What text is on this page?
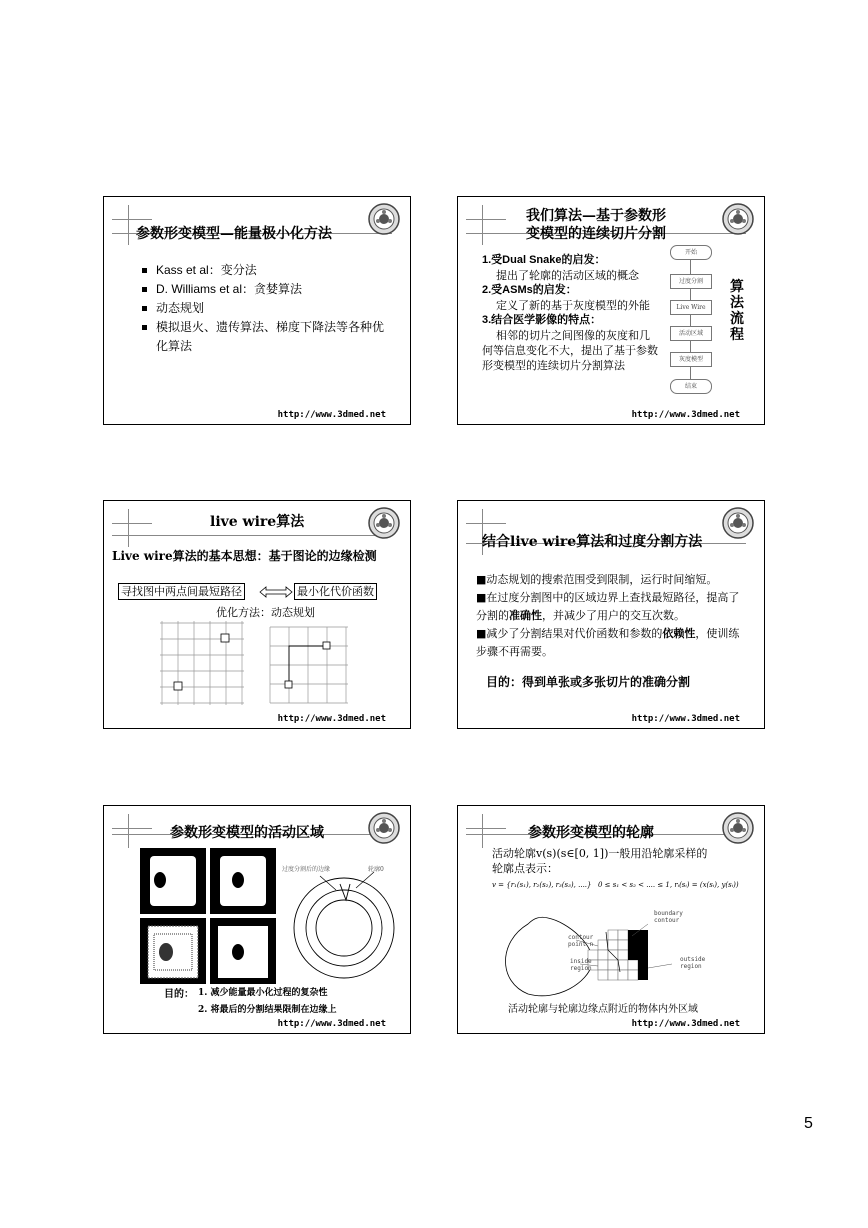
参数形变模型—能量极小化方法
Kass et al：变分法
D. Williams et al：贪婪算法
动态规划
模拟退火、遗传算法、梯度下降法等各种优化算法
http://www.3dmed.net
我们算法—基于参数形
变模型的连续切片分割
1.受Dual Snake的启发：
提出了轮廓的活动区域的概念
2.受ASMs的启发：
定义了新的基于灰度模型的外能
3.结合医学影像的特点：
相邻的切片之间图像的灰度和几何等信息变化不大，提出了基于参数形变模型的连续切片分割算法
开始
过度分割
Live Wire
活动区域
灰度模型
结束
算法流程
http://www.3dmed.net
live wire算法
Live wire算法的基本思想：基于图论的边缘检测
寻找图中两点间最短路径	最小化代价函数
优化方法：动态规划
http://www.3dmed.net
结合live wire算法和过度分割方法
■动态规划的搜索范围受到限制，运行时间缩短。
■在过度分割图中的区域边界上查找最短路径，提高了分割的准确性，并减少了用户的交互次数。
■减少了分割结果对代价函数和参数的依赖性，使训练步骤不再需要。
目的：得到单张或多张切片的准确分割
http://www.3dmed.net
参数形变模型的活动区域
过度分割后的边缘	轮廓0
目的： 1. 减少能量最小化过程的复杂性
2. 将最后的分割结果限制在边缘上
http://www.3dmed.net
参数形变模型的轮廓
活动轮廓v(s)(s∈[0, 1])一般用沿轮廓采样的
轮廓点表示：
v = {r₁(s₁), r₂(s₂), r₃(s₃), ....} 0 ≤ s₁ < s₂ < .... ≤ 1, rᵢ(sᵢ) = (x(sᵢ), y(sᵢ))
boundary contour
contour point n
inside region
outside region
活动轮廓与轮廓边缘点附近的物体内外区域
http://www.3dmed.net
5
